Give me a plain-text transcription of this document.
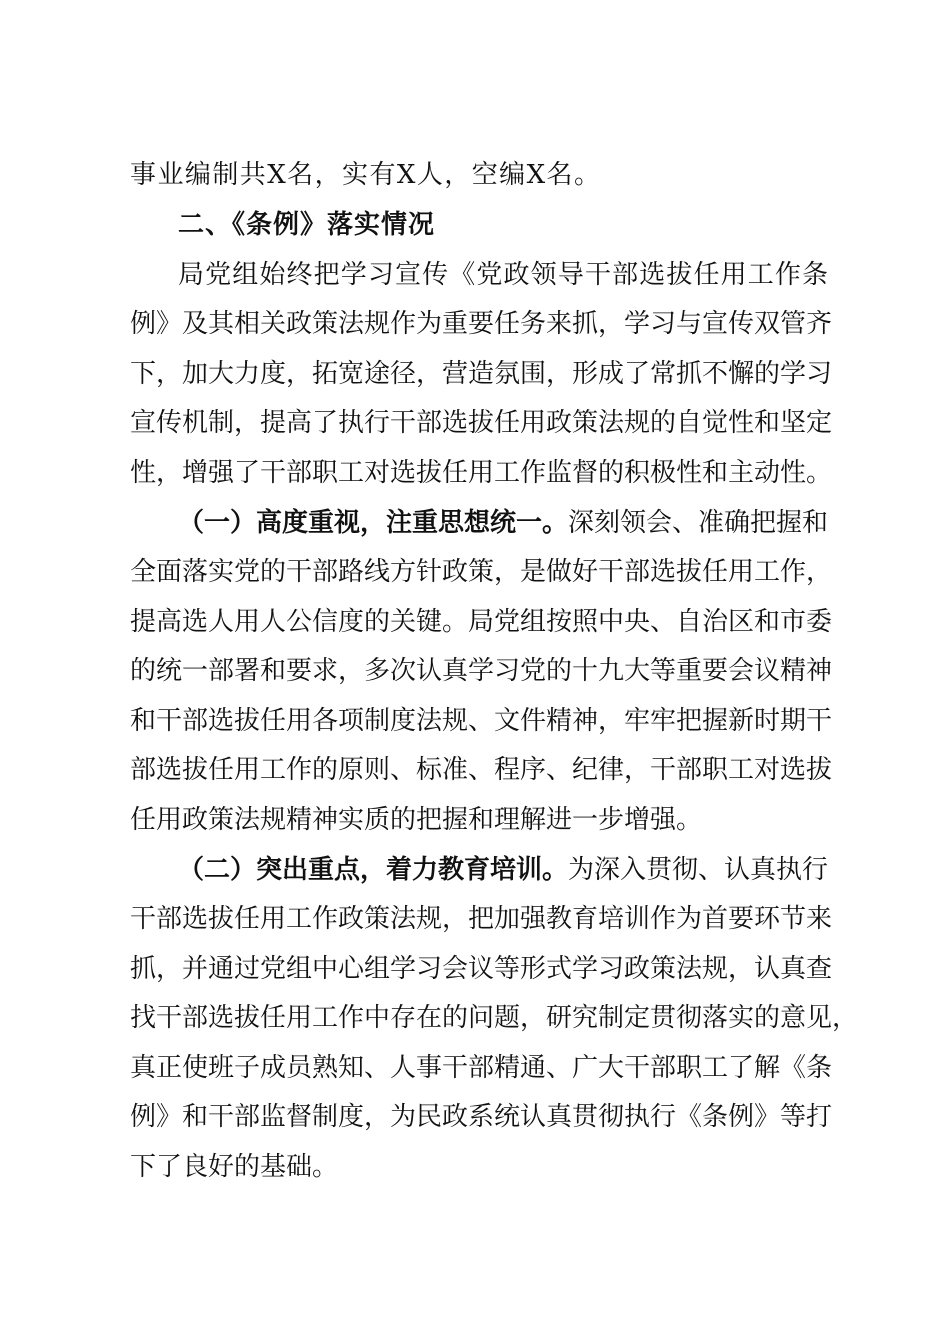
事业编制共X名，实有X人，空编X名。
二、《条例》落实情况
局党组始终把学习宣传《党政领导干部选拔任用工作条
例》及其相关政策法规作为重要任务来抓，学习与宣传双管齐
下，加大力度，拓宽途径，营造氛围，形成了常抓不懈的学习
宣传机制，提高了执行干部选拔任用政策法规的自觉性和坚定
性，增强了干部职工对选拔任用工作监督的积极性和主动性。
（一）高度重视，注重思想统一。 深刻领会、准确把握和
全面落实党的干部路线方针政策，是做好干部选拔任用工作，
提高选人用人公信度的关键。局党组按照中央、自治区和市委
的统一部署和要求，多次认真学习党的十九大等重要会议精神
和干部选拔任用各项制度法规、文件精神，牢牢把握新时期干
部选拔任用工作的原则、标准、程序、纪律，干部职工对选拔
任用政策法规精神实质的把握和理解进一步增强。
（二）突出重点，着力教育培训。 为深入贯彻、认真执行
干部选拔任用工作政策法规，把加强教育培训作为首要环节来
抓，并通过党组中心组学习会议等形式学习政策法规，认真查
找干部选拔任用工作中存在的问题，研究制定贯彻落实的意见，
真正使班子成员熟知、人事干部精通、广大干部职工了解《条
例》和干部监督制度，为民政系统认真贯彻执行《条例》等打
下了良好的基础。
